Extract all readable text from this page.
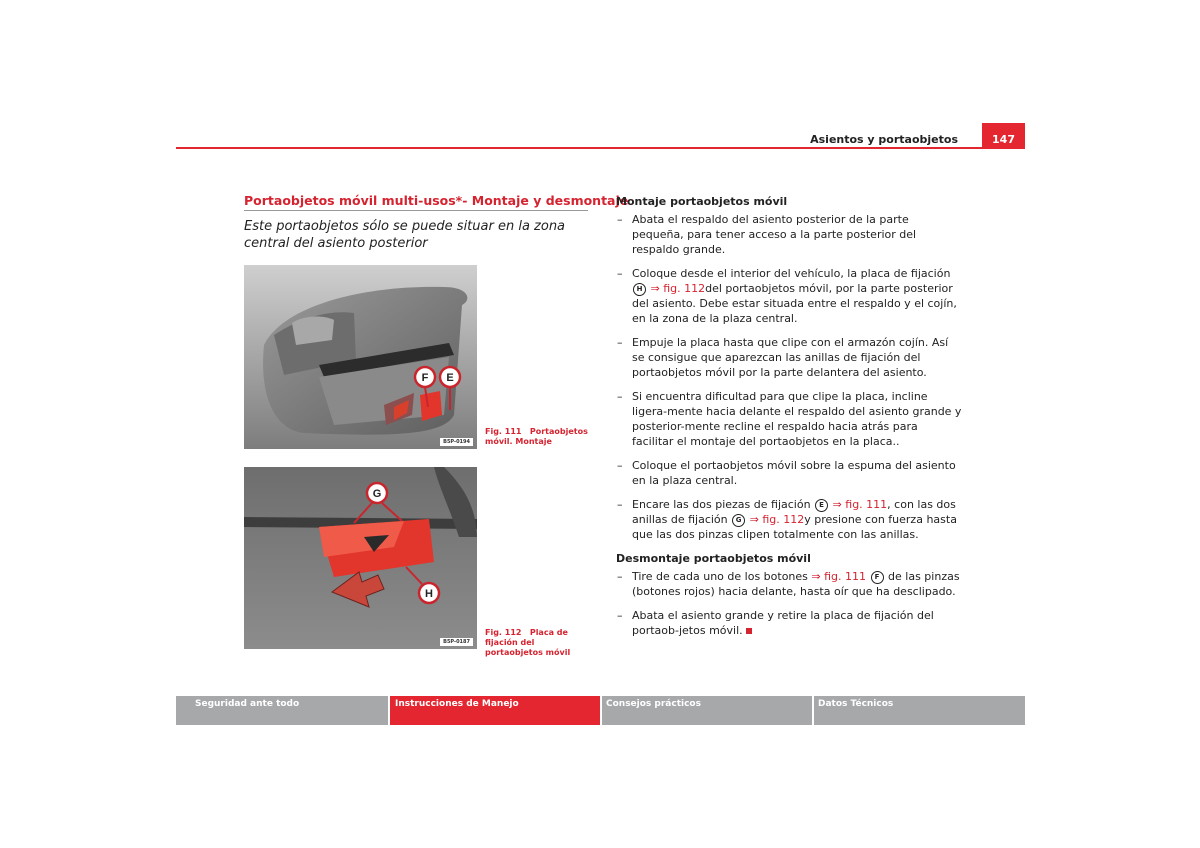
Asientos y portaobjetos	147
Portaobjetos móvil multi-usos*- Montaje y desmontaje
Este portaobjetos sólo se puede situar en la zona central del asiento posterior
F E
B5P-0194
Fig. 111 Portaobjetos móvil. Montaje
G
H
B5P-0187
Fig. 112 Placa de fijación del portaobjetos móvil
Montaje portaobjetos móvil
– Abata el respaldo del asiento posterior de la parte pequeña, para tener acceso a la parte posterior del respaldo grande.
– Coloque desde el interior del vehículo, la placa de fijación H ⇒ fig. 112del portaobjetos móvil, por la parte posterior del asiento. Debe estar situada entre el respaldo y el cojín, en la zona de la plaza central.
– Empuje la placa hasta que clipe con el armazón cojín. Así se consigue que aparezcan las anillas de fijación del portaobjetos móvil por la parte delantera del asiento.
– Si encuentra dificultad para que clipe la placa, incline ligera-mente hacia delante el respaldo del asiento grande y posterior-mente recline el respaldo hacia atrás para facilitar el montaje del portaobjetos en la placa..
– Coloque el portaobjetos móvil sobre la espuma del asiento en la plaza central.
– Encare las dos piezas de fijación E ⇒ fig. 111, con las dos anillas de fijación G ⇒ fig. 112y presione con fuerza hasta que las dos pinzas clipen totalmente con las anillas.
Desmontaje portaobjetos móvil
– Tire de cada uno de los botones ⇒ fig. 111 F de las pinzas (botones rojos) hacia delante, hasta oír que ha desclipado.
– Abata el asiento grande y retire la placa de fijación del portaob-jetos móvil.
Seguridad ante todo	Instrucciones de Manejo	Consejos prácticos	Datos Técnicos
